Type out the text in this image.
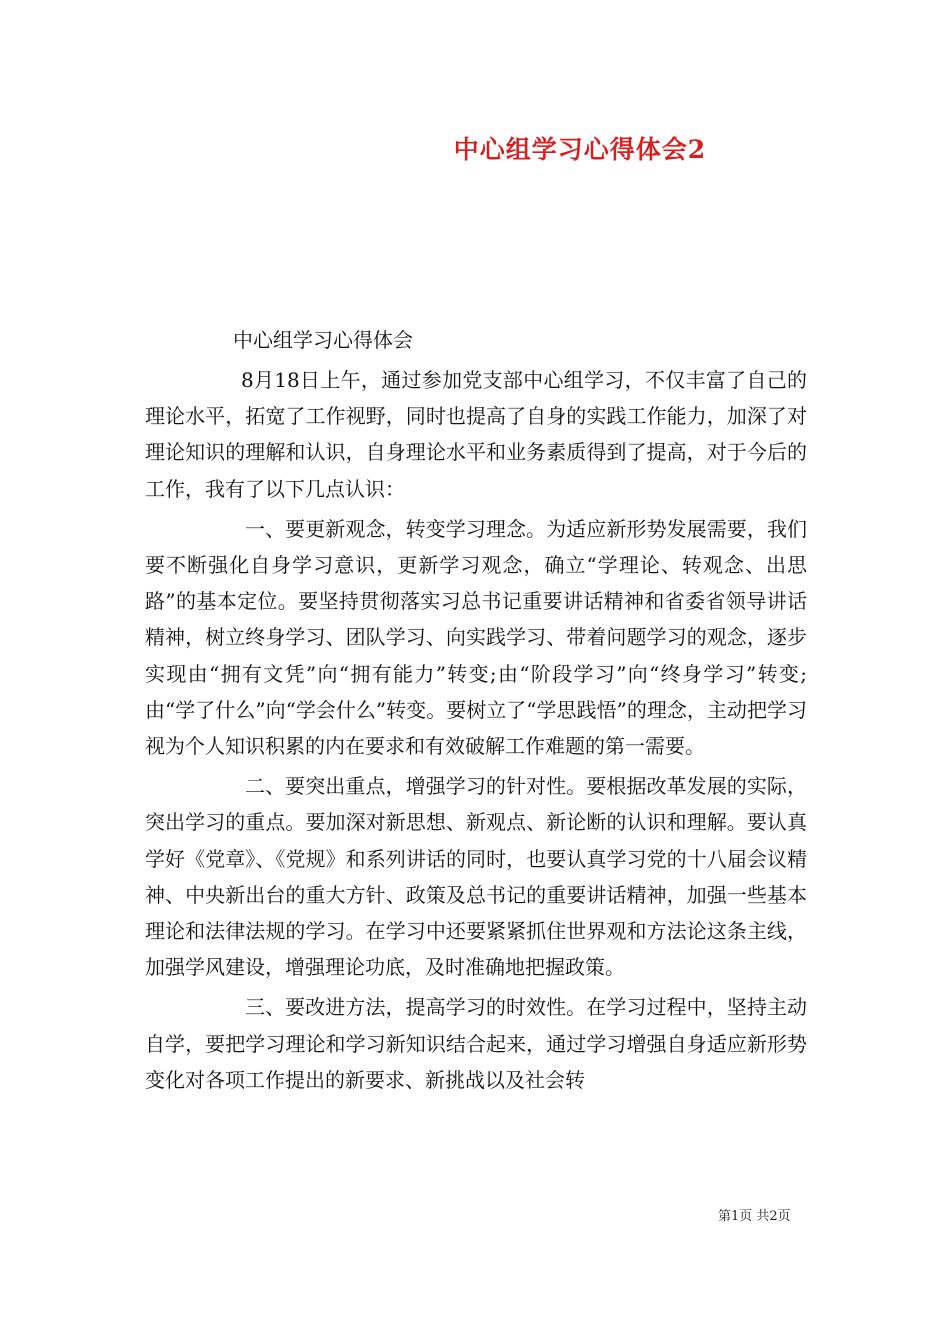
中心组学习心得体会2
中心组学习心得体会

8月18日上午，通过参加党支部中心组学习，不仅丰富了自己的理论水平，拓宽了工作视野，同时也提高了自身的实践工作能力，加深了对理论知识的理解和认识，自身理论水平和业务素质得到了提高，对于今后的工作，我有了以下几点认识：

一、要更新观念，转变学习理念。为适应新形势发展需要，我们要不断强化自身学习意识，更新学习观念，确立“学理论、转观念、出思路”的基本定位。要坚持贯彻落实习总书记重要讲话精神和省委省领导讲话精神，树立终身学习、团队学习、向实践学习、带着问题学习的观念，逐步实现由“拥有文凭”向“拥有能力”转变;由“阶段学习”向“终身学习”转变;由“学了什么”向“学会什么”转变。要树立了“学思践悟”的理念，主动把学习视为个人知识积累的内在要求和有效破解工作难题的第一需要。

二、要突出重点，增强学习的针对性。要根据改革发展的实际，突出学习的重点。要加深对新思想、新观点、新论断的认识和理解。要认真学好《党章》、《党规》和系列讲话的同时，也要认真学习党的十八届会议精神、中央新出台的重大方针、政策及总书记的重要讲话精神，加强一些基本理论和法律法规的学习。在学习中还要紧紧抓住世界观和方法论这条主线，加强学风建设，增强理论功底，及时准确地把握政策。

三、要改进方法，提高学习的时效性。在学习过程中，坚持主动自学，要把学习理论和学习新知识结合起来，通过学习增强自身适应新形势变化对各项工作提出的新要求、新挑战以及社会转

第1页 共2页
